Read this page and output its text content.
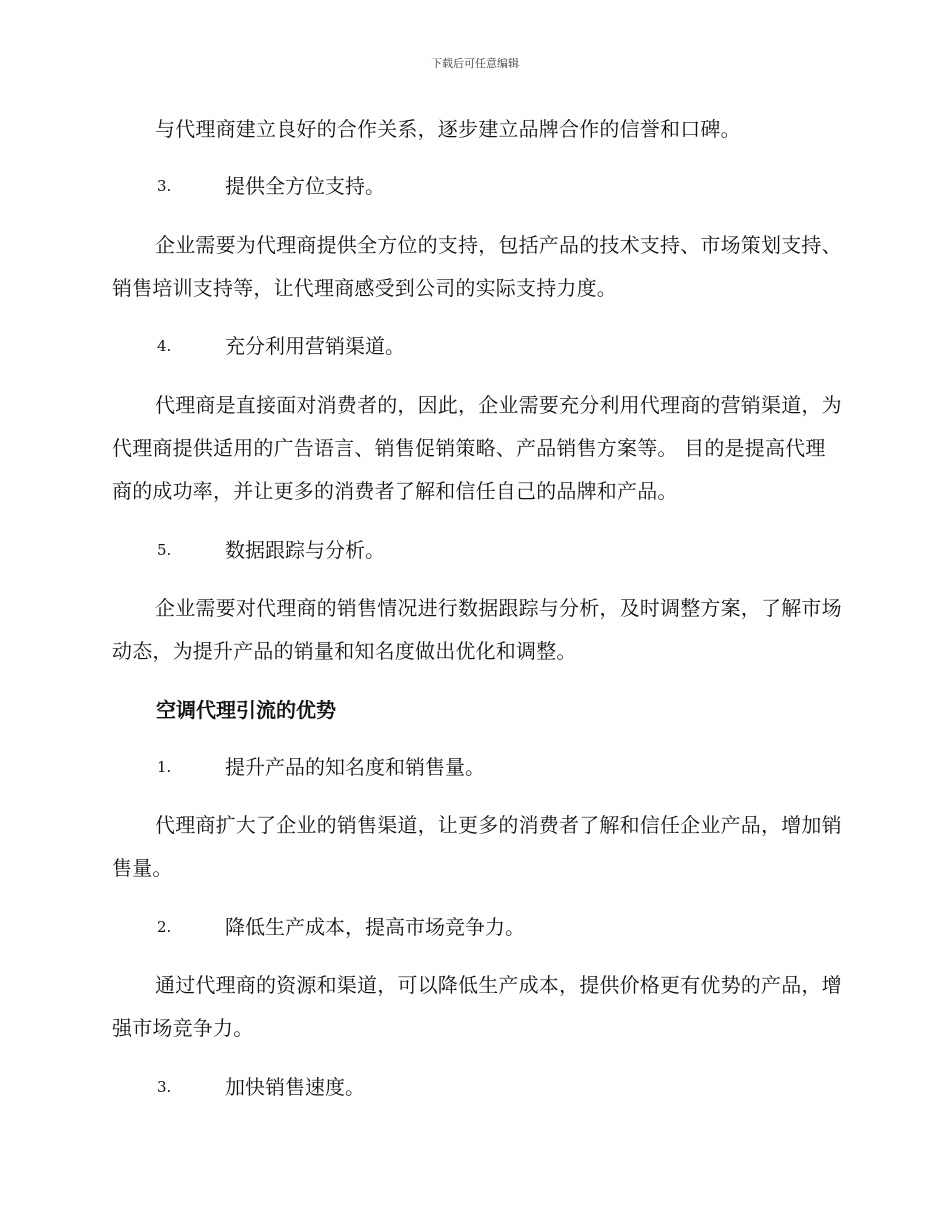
下载后可任意编辑
与代理商建立良好的合作关系，逐步建立品牌合作的信誉和口碑。
3.	提供全方位支持。
企业需要为代理商提供全方位的支持，包括产品的技术支持、市场策划支持、销售培训支持等，让代理商感受到公司的实际支持力度。
4.	充分利用营销渠道。
代理商是直接面对消费者的，因此，企业需要充分利用代理商的营销渠道，为代理商提供适用的广告语言、销售促销策略、产品销售方案等。 目的是提高代理商的成功率，并让更多的消费者了解和信任自己的品牌和产品。
5.	数据跟踪与分析。
企业需要对代理商的销售情况进行数据跟踪与分析，及时调整方案，了解市场动态，为提升产品的销量和知名度做出优化和调整。
空调代理引流的优势
1.	提升产品的知名度和销售量。
代理商扩大了企业的销售渠道，让更多的消费者了解和信任企业产品，增加销售量。
2.	降低生产成本，提高市场竞争力。
通过代理商的资源和渠道，可以降低生产成本，提供价格更有优势的产品，增强市场竞争力。
3.	加快销售速度。
